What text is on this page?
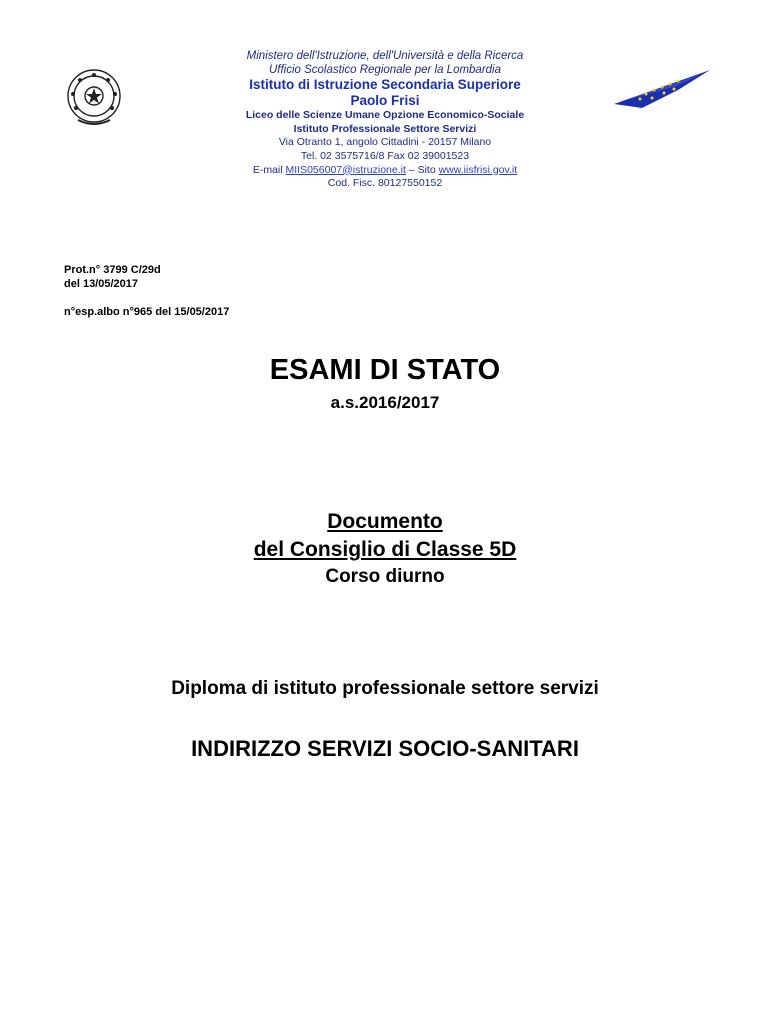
Ministero dell'Istruzione, dell'Università e della Ricerca
Ufficio Scolastico Regionale per la Lombardia
Istituto di Istruzione Secondaria Superiore
Paolo Frisi
Liceo delle Scienze Umane Opzione Economico-Sociale
Istituto Professionale Settore Servizi
Via Otranto 1, angolo Cittadini - 20157 Milano
Tel. 02 3575716/8 Fax 02 39001523
E-mail MIIS056007@istruzione.it – Sito www.iisfrisi.gov.it
Cod. Fisc. 80127550152
Prot.n° 3799 C/29d
del 13/05/2017
n°esp.albo n°965 del 15/05/2017
ESAMI DI STATO
a.s.2016/2017
Documento
del Consiglio di Classe 5D
Corso diurno
Diploma di istituto professionale settore servizi
INDIRIZZO SERVIZI SOCIO-SANITARI
